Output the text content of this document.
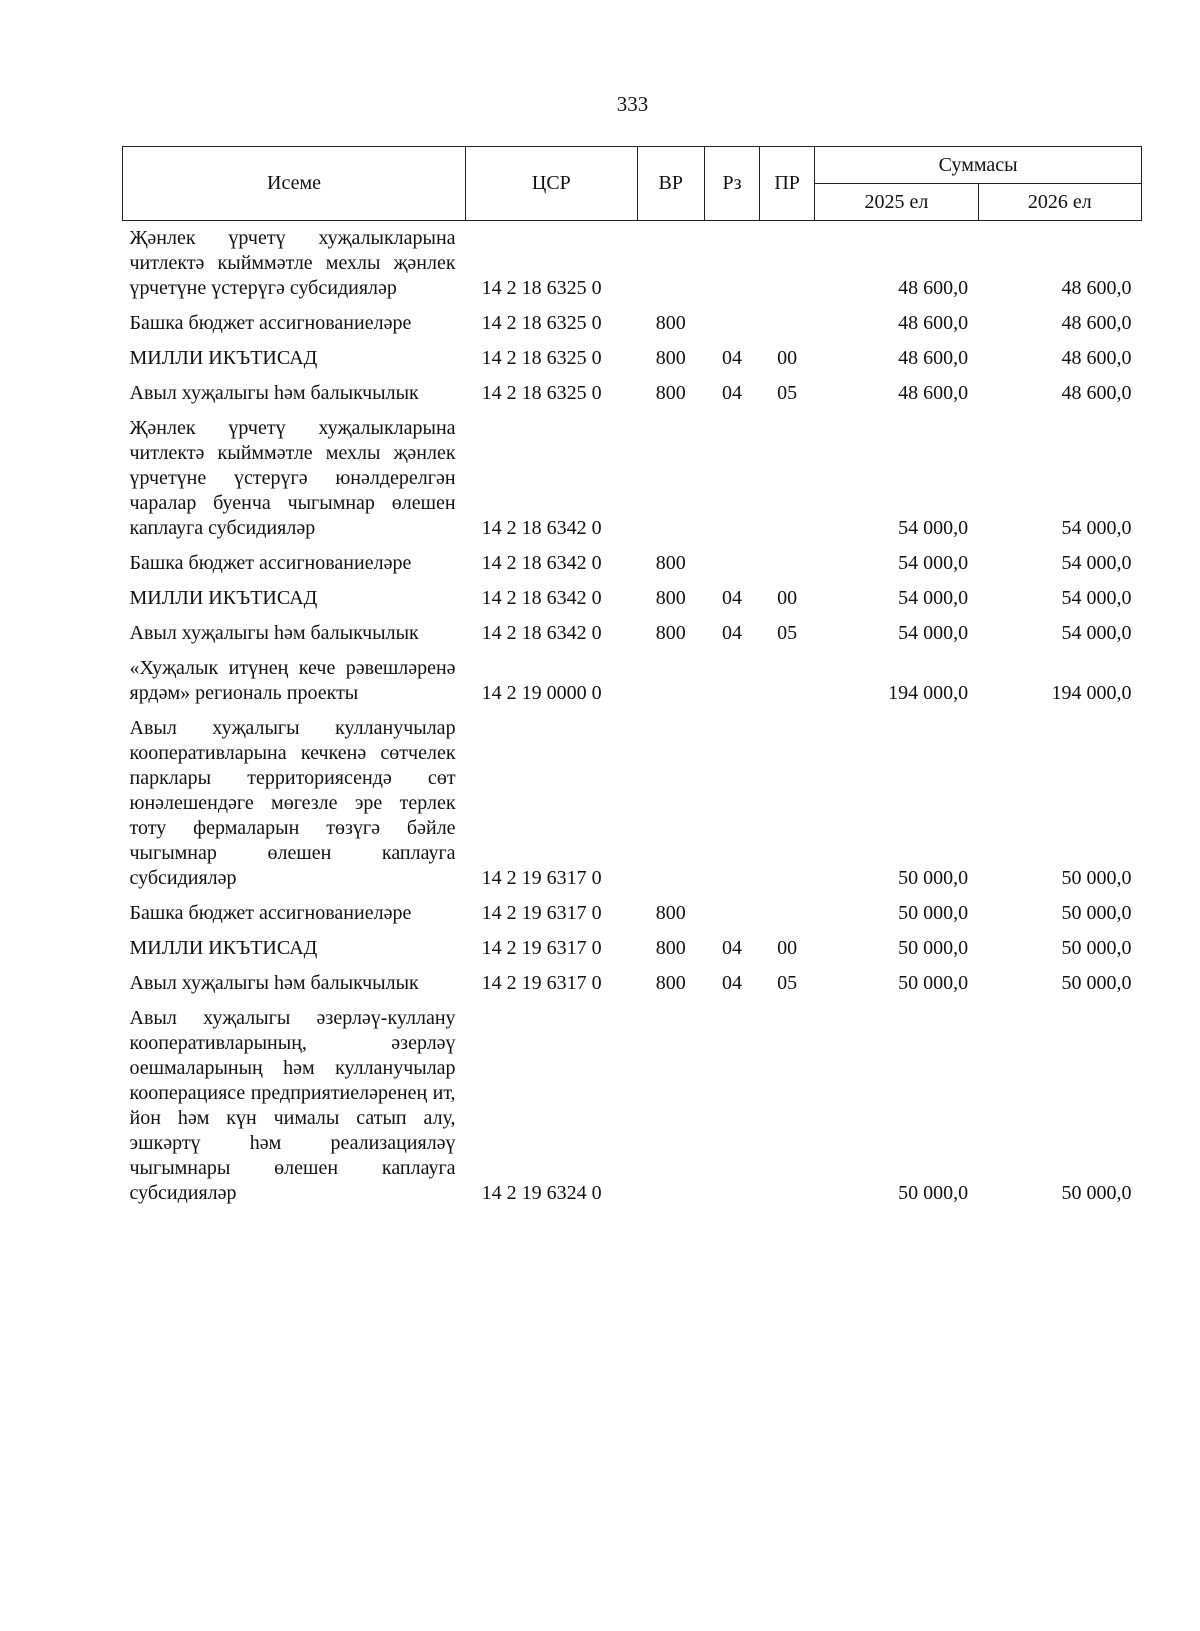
333
Исеме	ЦСР	ВР	Рз	ПР	Суммасы	
					2025 ел	2026 ел
Җәнлек үрчетү хуҗалыкларына читлектә кыйммәтле мехлы җәнлек үрчетүне үстерүгә субсидияләр	14 2 18 6325 0				48 600,0	48 600,0
Башка бюджет ассигнованиеләре	14 2 18 6325 0	800			48 600,0	48 600,0
МИЛЛИ ИКЪТИСАД	14 2 18 6325 0	800	04	00	48 600,0	48 600,0
Авыл хуҗалыгы һәм балыкчылык	14 2 18 6325 0	800	04	05	48 600,0	48 600,0
Җәнлек үрчетү хуҗалыкларына читлектә кыйммәтле мехлы җәнлек үрчетүне үстерүгә юнәлдерелгән чаралар буенча чыгымнар өлешен каплауга субсидияләр	14 2 18 6342 0				54 000,0	54 000,0
Башка бюджет ассигнованиеләре	14 2 18 6342 0	800			54 000,0	54 000,0
МИЛЛИ ИКЪТИСАД	14 2 18 6342 0	800	04	00	54 000,0	54 000,0
Авыл хуҗалыгы һәм балыкчылык	14 2 18 6342 0	800	04	05	54 000,0	54 000,0
«Хуҗалык итүнең кече рәвешләренә ярдәм» региональ проекты	14 2 19 0000 0				194 000,0	194 000,0
Авыл хуҗалыгы кулланучылар кооперативларына кечкенә сөтчелек парклары территориясендә сөт юнәлешендәге мөгезле эре терлек тоту фермаларын төзүгә бәйле чыгымнар өлешен каплауга субсидияләр	14 2 19 6317 0				50 000,0	50 000,0
Башка бюджет ассигнованиеләре	14 2 19 6317 0	800			50 000,0	50 000,0
МИЛЛИ ИКЪТИСАД	14 2 19 6317 0	800	04	00	50 000,0	50 000,0
Авыл хуҗалыгы һәм балыкчылык	14 2 19 6317 0	800	04	05	50 000,0	50 000,0
Авыл хуҗалыгы әзерләү-куллану кооперативларының, әзерләү оешмаларының һәм кулланучылар кооперациясе предприятиеләренең ит, йон һәм күн чималы сатып алу, эшкәртү һәм реализацияләү чыгымнары өлешен каплауга субсидияләр	14 2 19 6324 0				50 000,0	50 000,0
